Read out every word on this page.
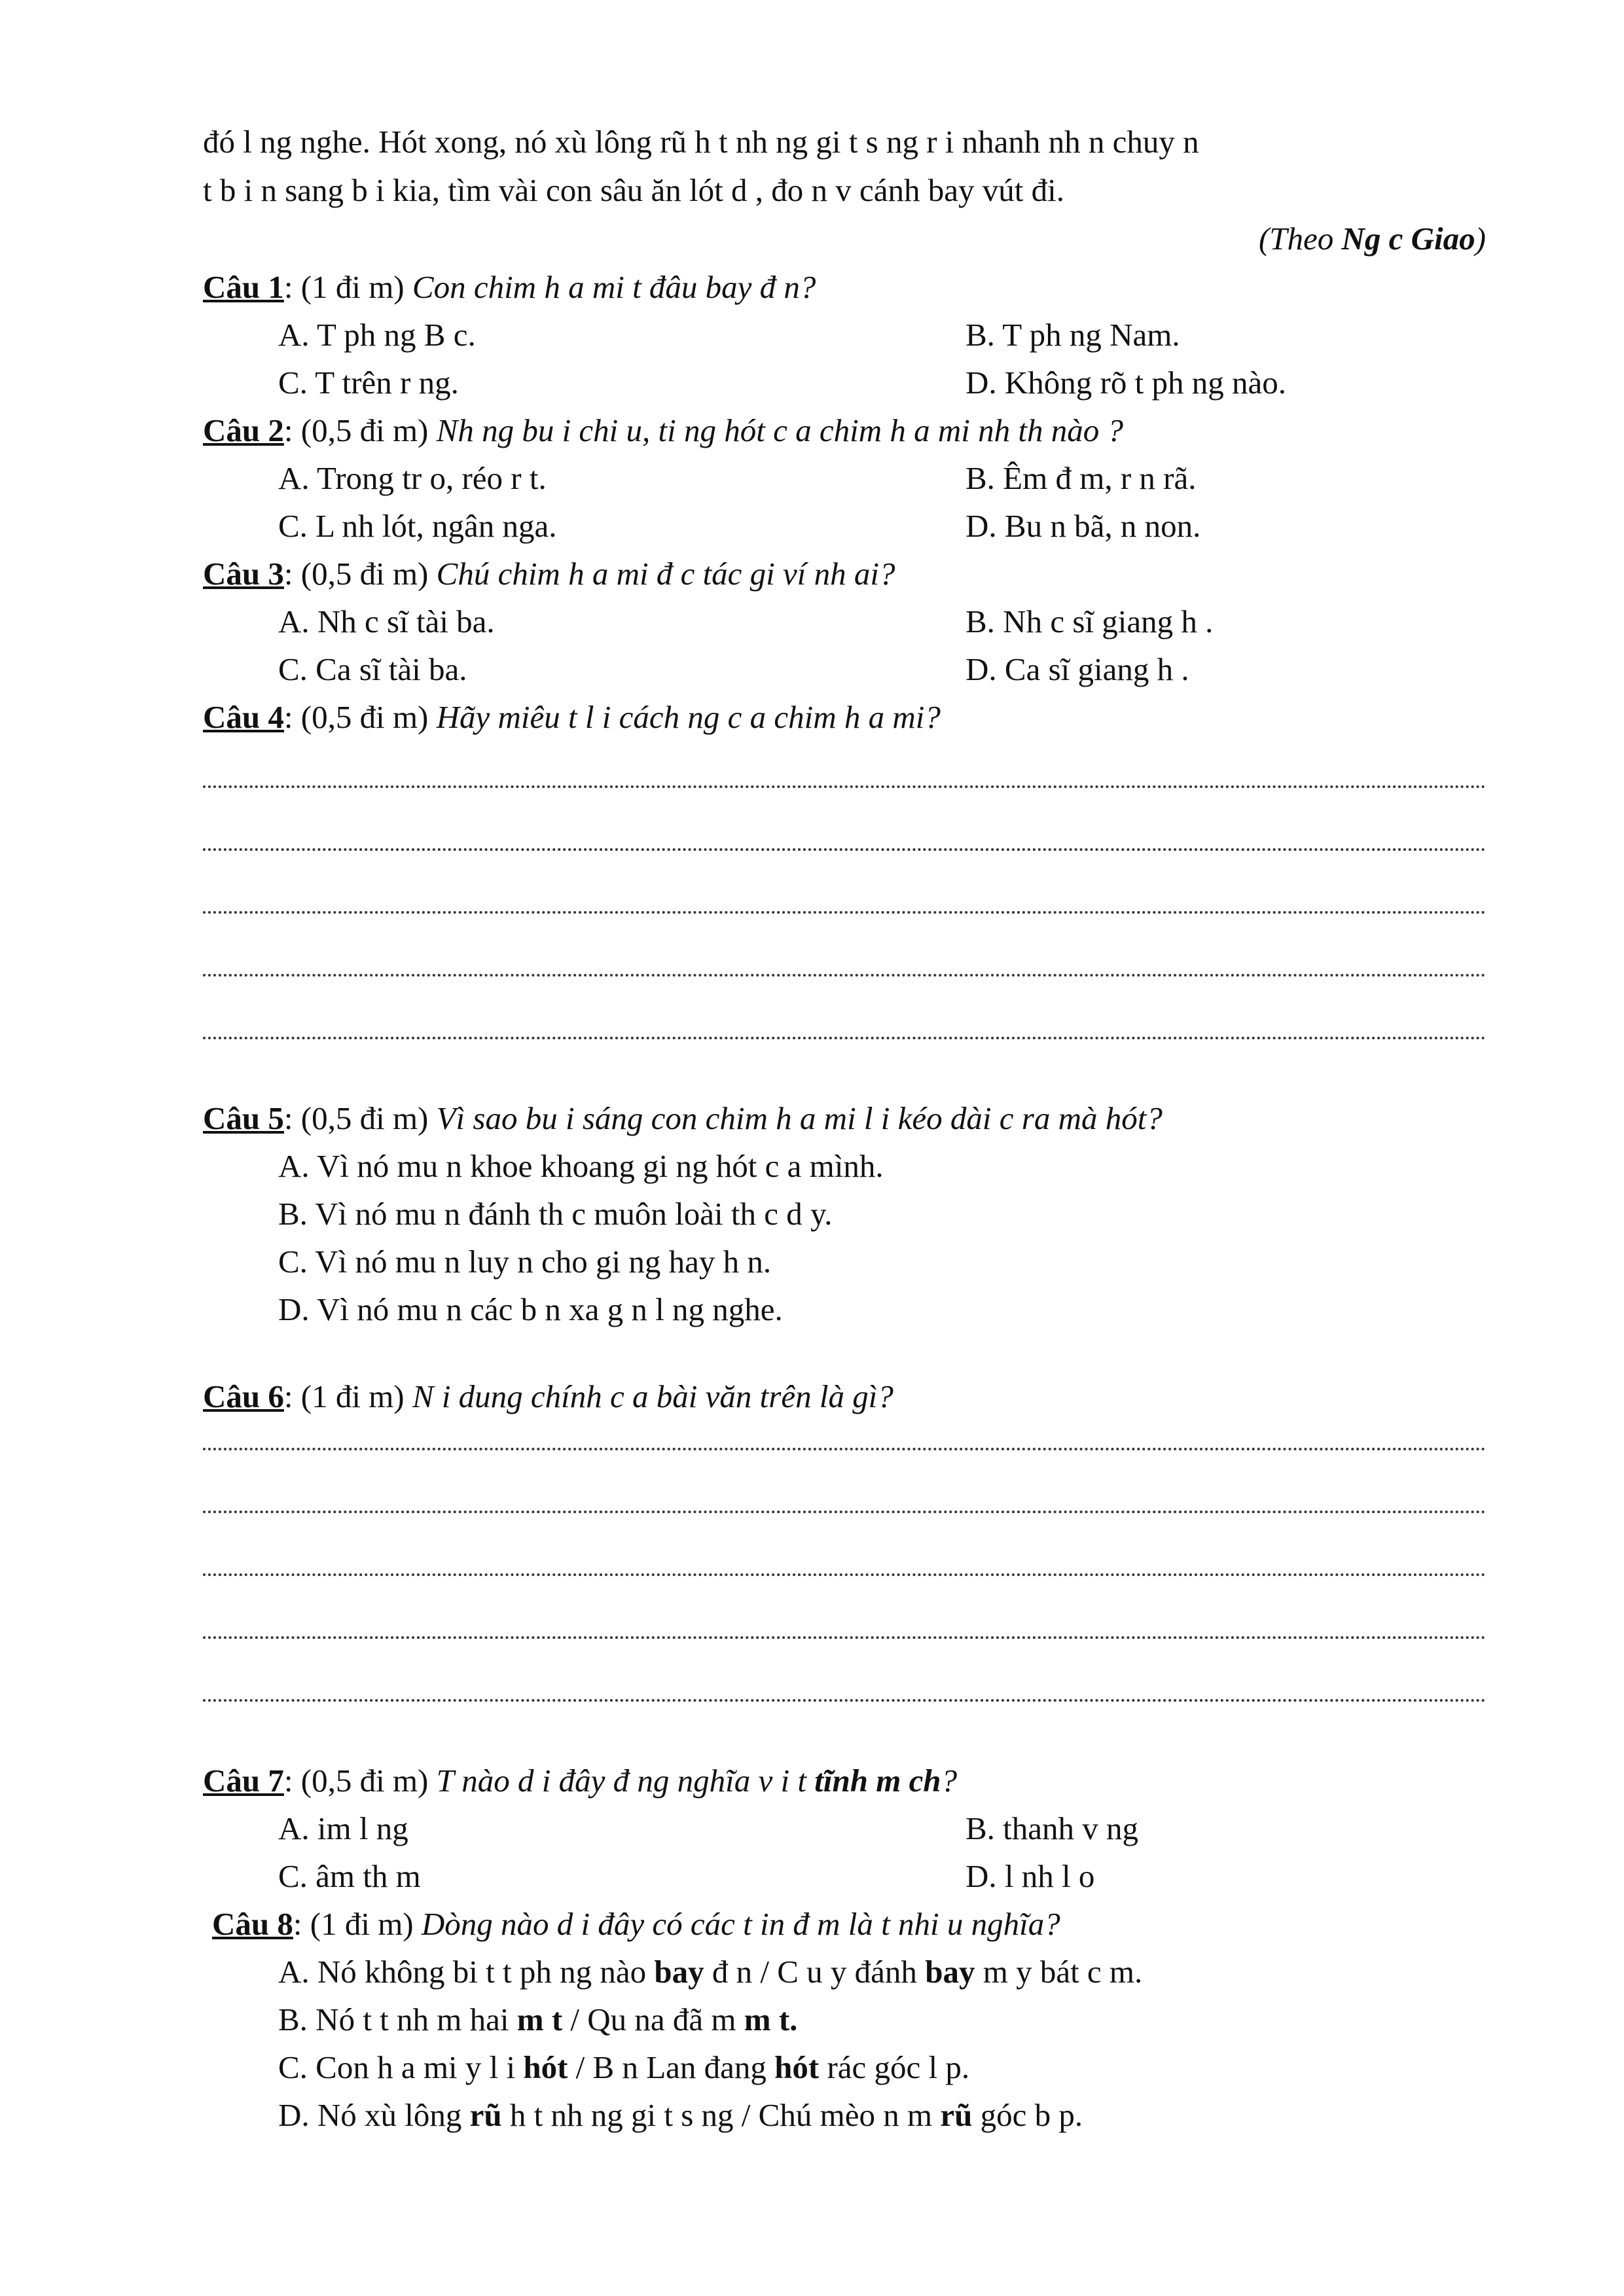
đó l ng nghe. Hót xong, nó xù lông rũ h t nh ng gi t s ng r i nhanh nh n chuy n

t b i n sang b i kia, tìm vài con sâu ăn lót d , đo n v cánh bay vút đi.

(Theo Ng c Giao)

Câu 1: (1 đi m) Con chim h a mi t đâu bay đ n?

A. T ph ng B c.	B. T ph ng Nam.
C. T trên r ng.	D. Không rõ t ph ng nào.

Câu 2: (0,5 đi m) Nh ng bu i chi u, ti ng hót c a chim h a mi nh th nào ?

A. Trong tr o, réo r t.	B. Êm đ m, r n rã.
C. L nh lót, ngân nga.	D. Bu n bã, n non.

Câu 3: (0,5 đi m) Chú chim h a mi đ c tác gi ví nh ai?

A. Nh c sĩ tài ba.	B. Nh c sĩ giang h .
C. Ca sĩ tài ba.	D. Ca sĩ giang h .

Câu 4: (0,5 đi m) Hãy miêu t l i cách ng c a chim h a mi?

Câu 5: (0,5 đi m) Vì sao bu i sáng con chim h a mi l i kéo dài c ra mà hót?

A. Vì nó mu n khoe khoang gi ng hót c a mình.
B. Vì nó mu n đánh th c muôn loài th c d y.
C. Vì nó mu n luy n cho gi ng hay h n.
D. Vì nó mu n các b n xa g n l ng nghe.

Câu 6: (1 đi m) N i dung chính c a bài văn trên là gì?

Câu 7: (0,5 đi m) T nào d i đây đ ng nghĩa v i t tĩnh m ch?

A. im l ng	B. thanh v ng
C. âm th m	D. l nh l o

Câu 8: (1 đi m) Dòng nào d i đây có các t in đ m là t nhi u nghĩa?

A. Nó không bi t t ph ng nào bay đ n / C u y đánh bay m y bát c m.
B. Nó t t nh m hai m t / Qu na đã m m t.
C. Con h a mi y l i hót / B n Lan đang hót rác góc l p.
D. Nó xù lông rũ h t nh ng gi t s ng / Chú mèo n m rũ góc b p.
